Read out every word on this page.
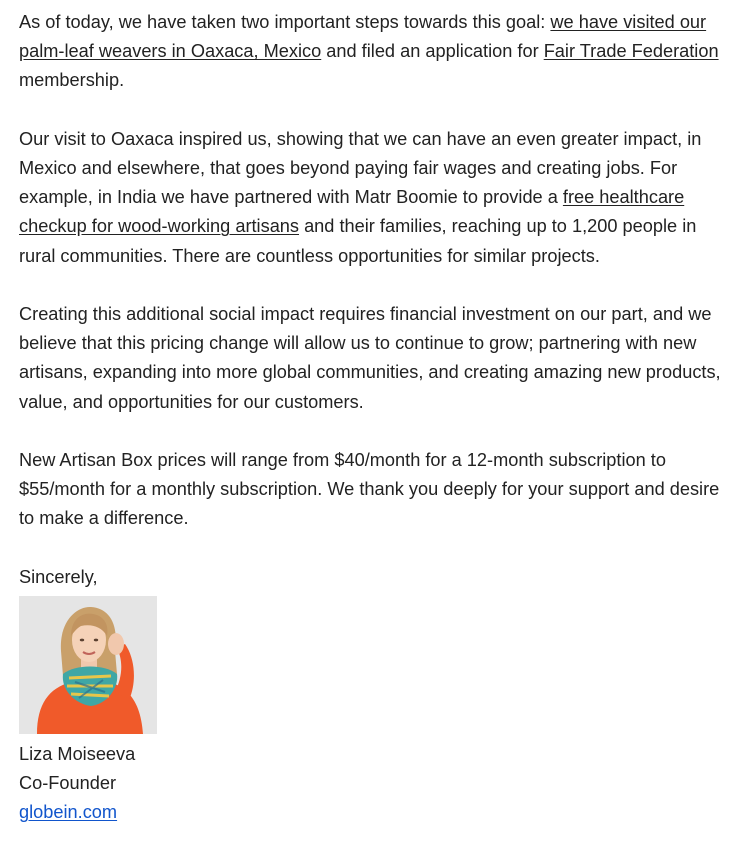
As of today, we have taken two important steps towards this goal: we have visited our palm-leaf weavers in Oaxaca, Mexico and filed an application for Fair Trade Federation membership.

Our visit to Oaxaca inspired us, showing that we can have an even greater impact, in Mexico and elsewhere, that goes beyond paying fair wages and creating jobs. For example, in India we have partnered with Matr Boomie to provide a free healthcare checkup for wood-working artisans and their families, reaching up to 1,200 people in rural communities. There are countless opportunities for similar projects.

Creating this additional social impact requires financial investment on our part, and we believe that this pricing change will allow us to continue to grow; partnering with new artisans, expanding into more global communities, and creating amazing new products, value, and opportunities for our customers.

New Artisan Box prices will range from $40/month for a 12-month subscription to $55/month for a monthly subscription. We thank you deeply for your support and desire to make a difference.

Sincerely,

Liza Moiseeva

Co-Founder

globein.com
